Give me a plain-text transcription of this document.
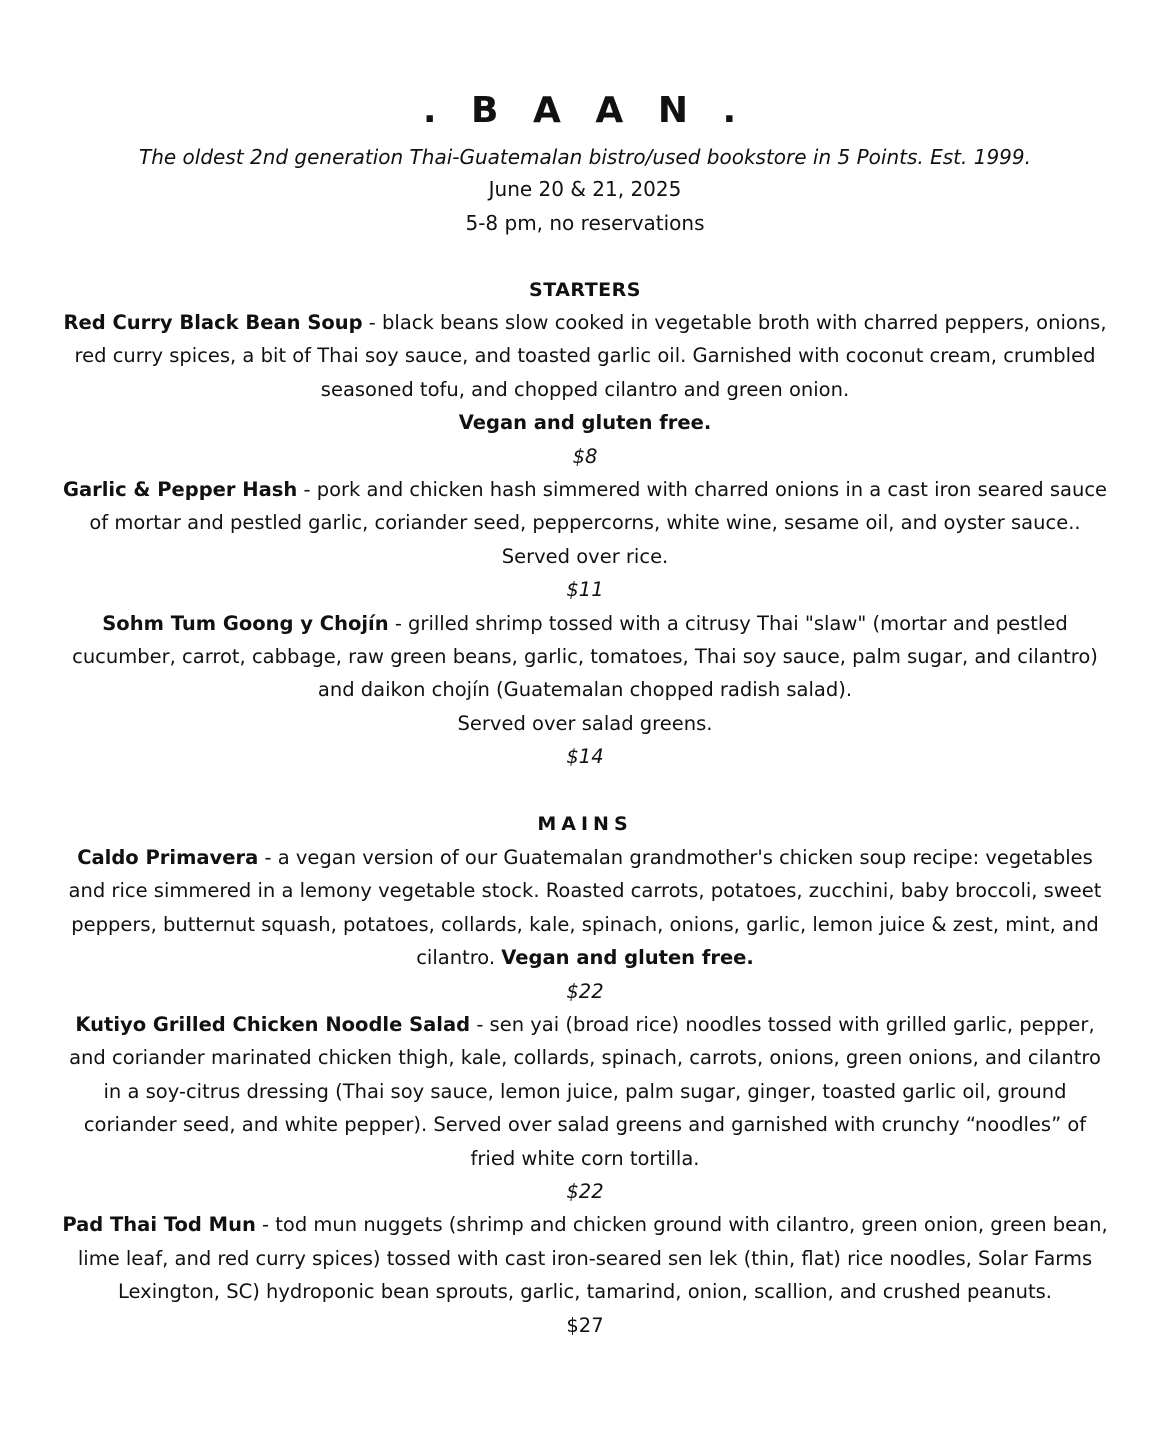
. B A A N .
The oldest 2nd generation Thai-Guatemalan bistro/used bookstore in 5 Points. Est. 1999.
June 20 & 21, 2025
5-8 pm, no reservations
STARTERS

Red Curry Black Bean Soup - black beans slow cooked in vegetable broth with charred peppers, onions, red curry spices, a bit of Thai soy sauce, and toasted garlic oil. Garnished with coconut cream, crumbled seasoned tofu, and chopped cilantro and green onion.
Vegan and gluten free.
$8

Garlic & Pepper Hash - pork and chicken hash simmered with charred onions in a cast iron seared sauce of mortar and pestled garlic, coriander seed, peppercorns, white wine, sesame oil, and oyster sauce.. Served over rice.
$11

Sohm Tum Goong y Chojín - grilled shrimp tossed with a citrusy Thai "slaw" (mortar and pestled cucumber, carrot, cabbage, raw green beans, garlic, tomatoes, Thai soy sauce, palm sugar, and cilantro) and daikon chojín (Guatemalan chopped radish salad).
Served over salad greens.
$14

MAINS

Caldo Primavera - a vegan version of our Guatemalan grandmother's chicken soup recipe: vegetables and rice simmered in a lemony vegetable stock. Roasted carrots, potatoes, zucchini, baby broccoli, sweet peppers, butternut squash, potatoes, collards, kale, spinach, onions, garlic, lemon juice & zest, mint, and cilantro. Vegan and gluten free.
$22

Kutiyo Grilled Chicken Noodle Salad - sen yai (broad rice) noodles tossed with grilled garlic, pepper, and coriander marinated chicken thigh, kale, collards, spinach, carrots, onions, green onions, and cilantro in a soy-citrus dressing (Thai soy sauce, lemon juice, palm sugar, ginger, toasted garlic oil, ground coriander seed, and white pepper). Served over salad greens and garnished with crunchy “noodles” of
fried white corn tortilla.
$22

Pad Thai Tod Mun - tod mun nuggets (shrimp and chicken ground with cilantro, green onion, green bean, lime leaf, and red curry spices) tossed with cast iron-seared sen lek (thin, flat) rice noodles, Solar Farms Lexington, SC) hydroponic bean sprouts, garlic, tamarind, onion, scallion, and crushed peanuts.
$27
